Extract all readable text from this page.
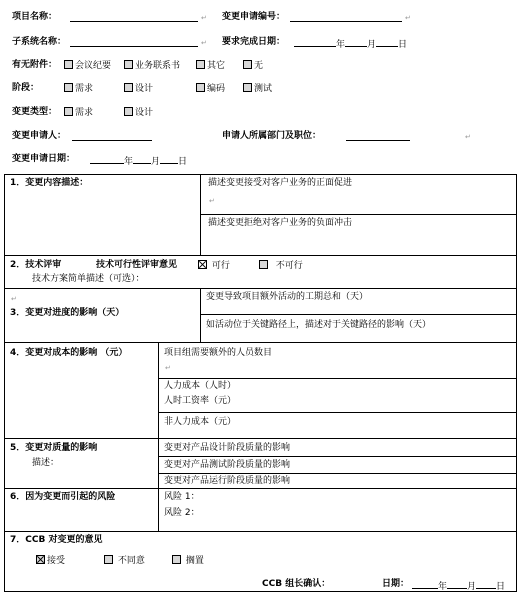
项目名称：	↵ 变更申请编号：	↵
子系统名称：	↵ 要求完成日期：	年 月 日
有无附件：	会议纪要	业务联系书	其它	无
阶段：	需求	设计	编码	测试
变更类型：	需求	设计
变更申请人：	申请人所属部门及职位：	↵
变更申请日期：	年 月 日
1．变更内容描述：	描述变更接受对客户业务的正面促进
↵
描述变更拒绝对客户业务的负面冲击
2．技术评审	技术可行性评审意见	可行	不可行
技术方案简单描述（可选）：
↵
3．变更对进度的影响（天）
变更导致项目额外活动的工期总和（天）
如活动位于关键路径上，描述对于关键路径的影响（天）
4．变更对成本的影响 （元）	项目组需要额外的人员数目
↵
人力成本（人时）
人时工资率（元）
非人力成本（元）
5．变更对质量的影响
描述：
变更对产品设计阶段质量的影响
变更对产品测试阶段质量的影响
变更对产品运行阶段质量的影响
6．因为变更而引起的风险	风险 1：
风险 2：
7．CCB 对变更的意见
接受	不同意	搁置
CCB 组长确认：	日期：	年 月 日
